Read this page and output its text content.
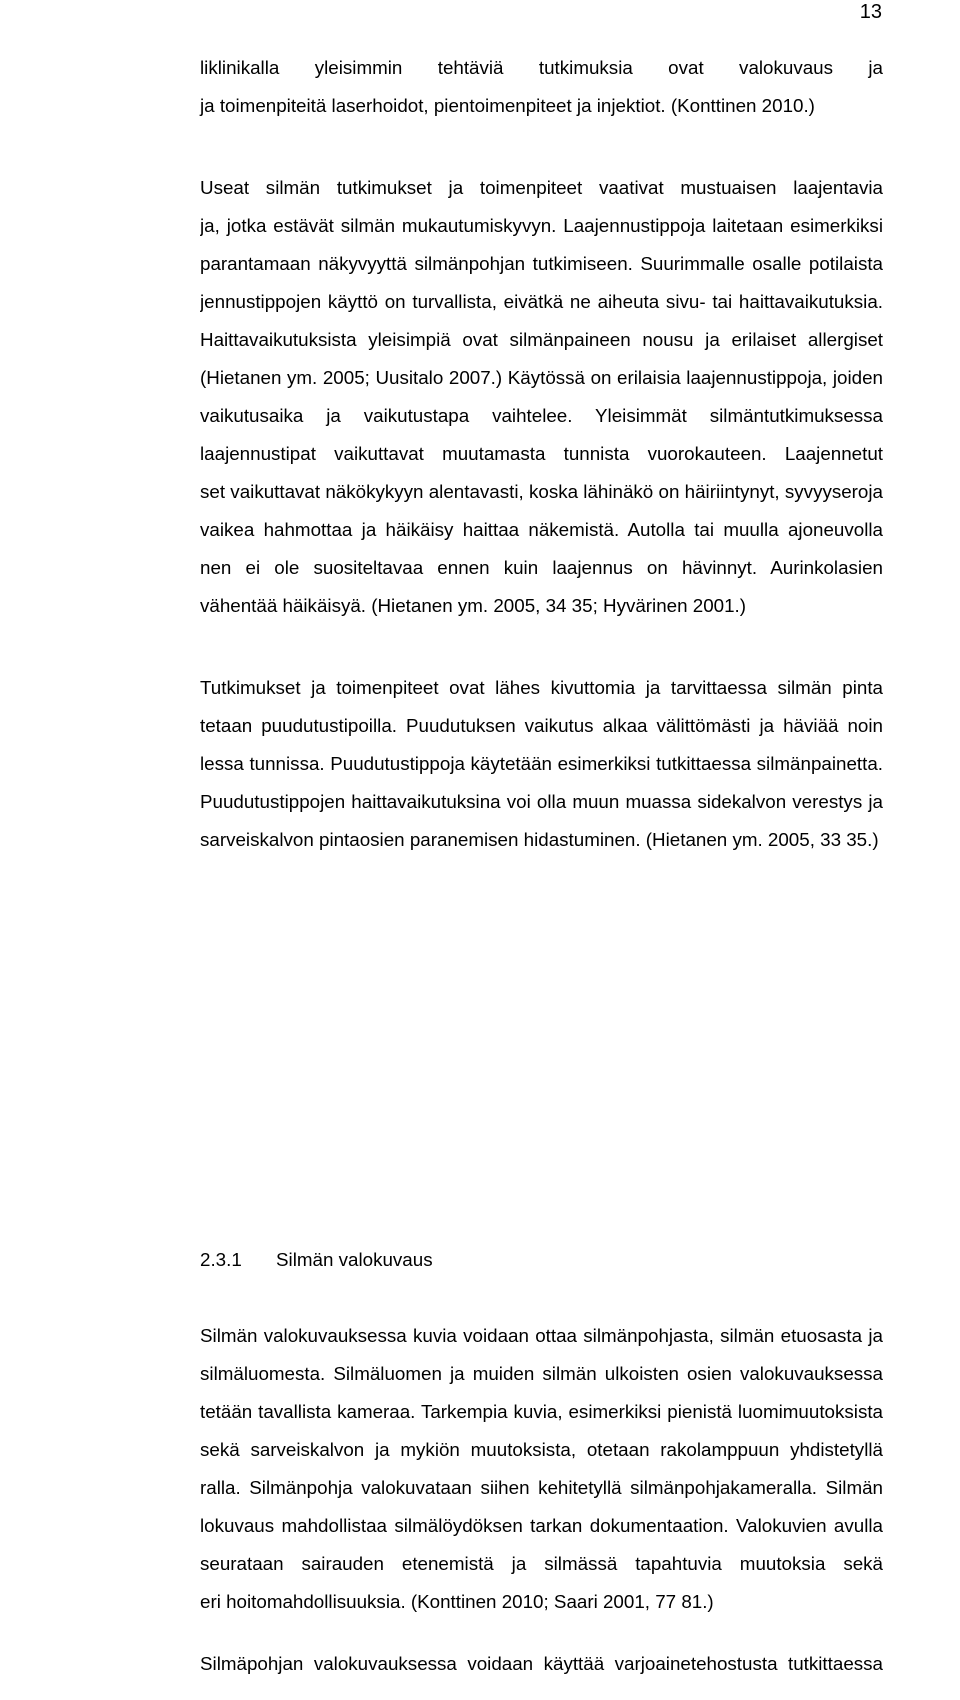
13
liklinikalla yleisimmin tehtäviä tutkimuksia ovat valokuvaus ja
ja toimenpiteitä laserhoidot, pientoimenpiteet ja injektiot. (Konttinen 2010.)
Useat silmän tutkimukset ja toimenpiteet vaativat mustuaisen laajentavia
ja, jotka estävät silmän mukautumiskyvyn. Laajennustippoja laitetaan esimerkiksi
parantamaan näkyvyyttä silmänpohjan tutkimiseen. Suurimmalle osalle potilaista
jennustippojen käyttö on turvallista, eivätkä ne aiheuta sivu- tai haittavaikutuksia.
Haittavaikutuksista yleisimpiä ovat silmänpaineen nousu ja erilaiset allergiset
(Hietanen ym. 2005; Uusitalo 2007.) Käytössä on erilaisia laajennustippoja, joiden
vaikutusaika ja vaikutustapa vaihtelee. Yleisimmät silmäntutkimuksessa
laajennustipat vaikuttavat muutamasta tunnista vuorokauteen. Laajennetut
set vaikuttavat näkökykyyn alentavasti, koska lähinäkö on häiriintynyt, syvyyseroja
vaikea hahmottaa ja häikäisy haittaa näkemistä. Autolla tai muulla ajoneuvolla
nen ei ole suositeltavaa ennen kuin laajennus on hävinnyt. Aurinkolasien
vähentää häikäisyä. (Hietanen ym. 2005, 34 35; Hyvärinen 2001.)
Tutkimukset ja toimenpiteet ovat lähes kivuttomia ja tarvittaessa silmän pinta
tetaan puudutustipoilla. Puudutuksen vaikutus alkaa välittömästi ja häviää noin
lessa tunnissa. Puudutustippoja käytetään esimerkiksi tutkittaessa silmänpainetta.
Puudutustippojen haittavaikutuksina voi olla muun muassa sidekalvon verestys ja
sarveiskalvon pintaosien paranemisen hidastuminen. (Hietanen ym. 2005, 33 35.)
2.3.1 Silmän valokuvaus
Silmän valokuvauksessa kuvia voidaan ottaa silmänpohjasta, silmän etuosasta ja
silmäluomesta. Silmäluomen ja muiden silmän ulkoisten osien valokuvauksessa
tetään tavallista kameraa. Tarkempia kuvia, esimerkiksi pienistä luomimuutoksista
sekä sarveiskalvon ja mykiön muutoksista, otetaan rakolamppuun yhdistetyllä
ralla. Silmänpohja valokuvataan siihen kehitetyllä silmänpohjakameralla. Silmän
lokuvaus mahdollistaa silmälöydöksen tarkan dokumentaation. Valokuvien avulla
seurataan sairauden etenemistä ja silmässä tapahtuvia muutoksia sekä
eri hoitomahdollisuuksia. (Konttinen 2010; Saari 2001, 77 81.)
Silmäpohjan valokuvauksessa voidaan käyttää varjoainetehostusta tutkittaessa
